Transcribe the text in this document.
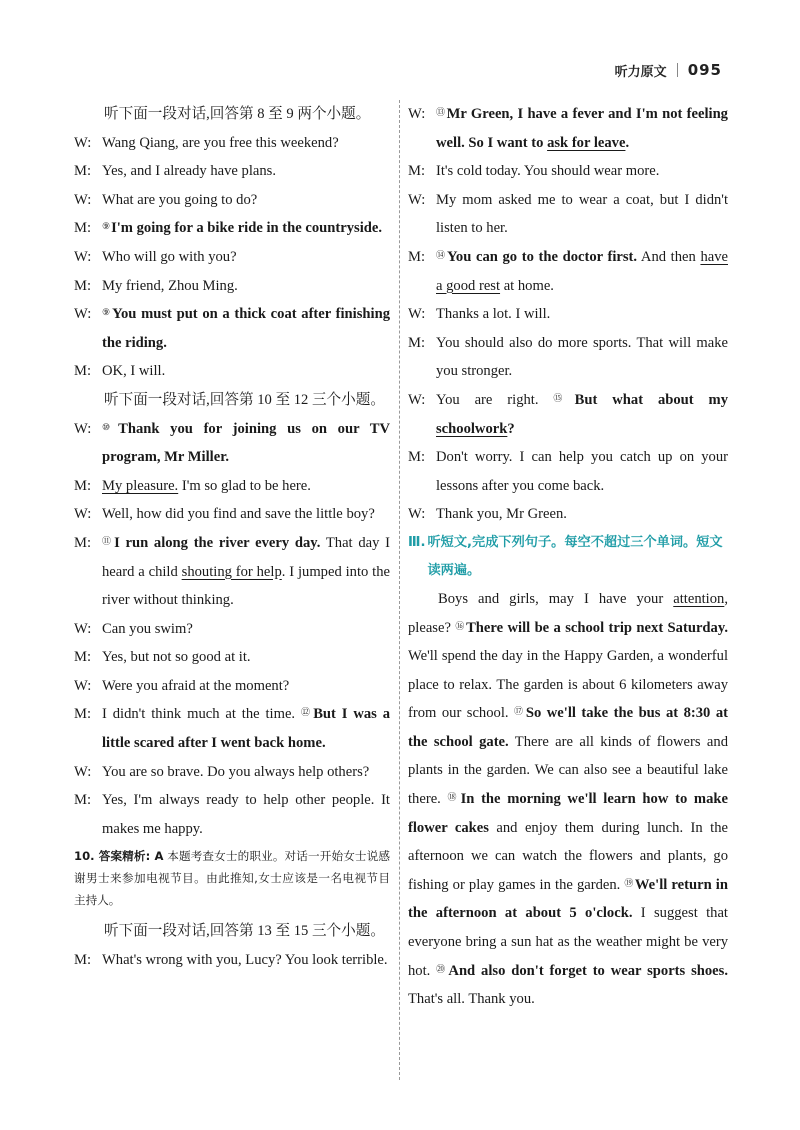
听力原文 095
听下面一段对话,回答第 8 至 9 两个小题。
W: Wang Qiang, are you free this weekend?
M: Yes, and I already have plans.
W: What are you going to do?
M:	⑨I'm going for a bike ride in the countryside.
W: Who will go with you?
M: My friend, Zhou Ming.
W:	⑨You must put on a thick coat after finishing the riding.
M: OK, I will.
听下面一段对话,回答第 10 至 12 三个小题。
W:	⑩Thank you for joining us on our TV program, Mr Miller.
M: My pleasure. I'm so glad to be here.
W: Well, how did you find and save the little boy?
M:	⑪I run along the river every day. That day I heard a child shouting for help. I jumped into the river without thinking.
W: Can you swim?
M: Yes, but not so good at it.
W: Were you afraid at the moment?
M: I didn't think much at the time. ⑫But I was a little scared after I went back home.
W: You are so brave. Do you always help others?
M: Yes, I'm always ready to help other people. It makes me happy.
10. 答案精析: A 本题考查女士的职业。对话一开始女士说感谢男士来参加电视节目。由此推知,女士应该是一名电视节目主持人。
听下面一段对话,回答第 13 至 15 三个小题。
M: What's wrong with you, Lucy? You look terrible.
W:	⑬Mr Green, I have a fever and I'm not feeling well. So I want to ask for leave.
M: It's cold today. You should wear more.
W: My mom asked me to wear a coat, but I didn't listen to her.
M:	⑭You can go to the doctor first. And then have a good rest at home.
W: Thanks a lot. I will.
M: You should also do more sports. That will make you stronger.
W: You are right. ⑮But what about my schoolwork?
M: Don't worry. I can help you catch up on your lessons after you come back.
W: Thank you, Mr Green.
Ⅲ. 听短文,完成下列句子。每空不超过三个单词。短文读两遍。
Boys and girls, may I have your attention, please? ⑯There will be a school trip next Saturday. We'll spend the day in the Happy Garden, a wonderful place to relax. The garden is about 6 kilometers away from our school. ⑰So we'll take the bus at 8:30 at the school gate. There are all kinds of flowers and plants in the garden. We can also see a beautiful lake there. ⑱In the morning we'll learn how to make flower cakes and enjoy them during lunch. In the afternoon we can watch the flowers and plants, go fishing or play games in the garden. ⑲We'll return in the afternoon at about 5 o'clock. I suggest that everyone bring a sun hat as the weather might be very hot. ⑳And also don't forget to wear sports shoes. That's all. Thank you.
